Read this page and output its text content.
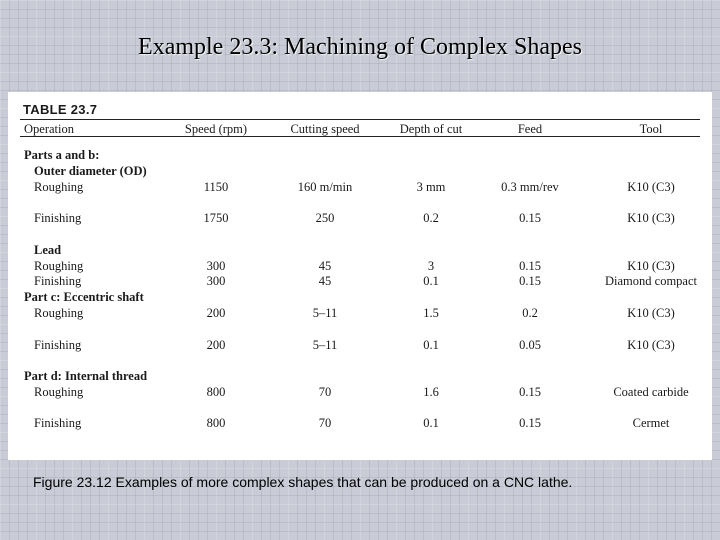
Example 23.3: Machining of Complex Shapes
TABLE 23.7
Operation	Speed (rpm)	Cutting speed	Depth of cut	Feed	Tool
Parts a and b:
Outer diameter (OD)
Roughing	1150	160 m/min	3 mm	0.3 mm/rev	K10 (C3)
Finishing	1750	250	0.2	0.15	K10 (C3)
Lead
Roughing	300	45	3	0.15	K10 (C3)
Finishing	300	45	0.1	0.15	Diamond compact
Part c: Eccentric shaft
Roughing	200	5–11	1.5	0.2	K10 (C3)
Finishing	200	5–11	0.1	0.05	K10 (C3)
Part d: Internal thread
Roughing	800	70	1.6	0.15	Coated carbide
Finishing	800	70	0.1	0.15	Cermet
Figure 23.12 Examples of more complex shapes that can be produced on a CNC lathe.
